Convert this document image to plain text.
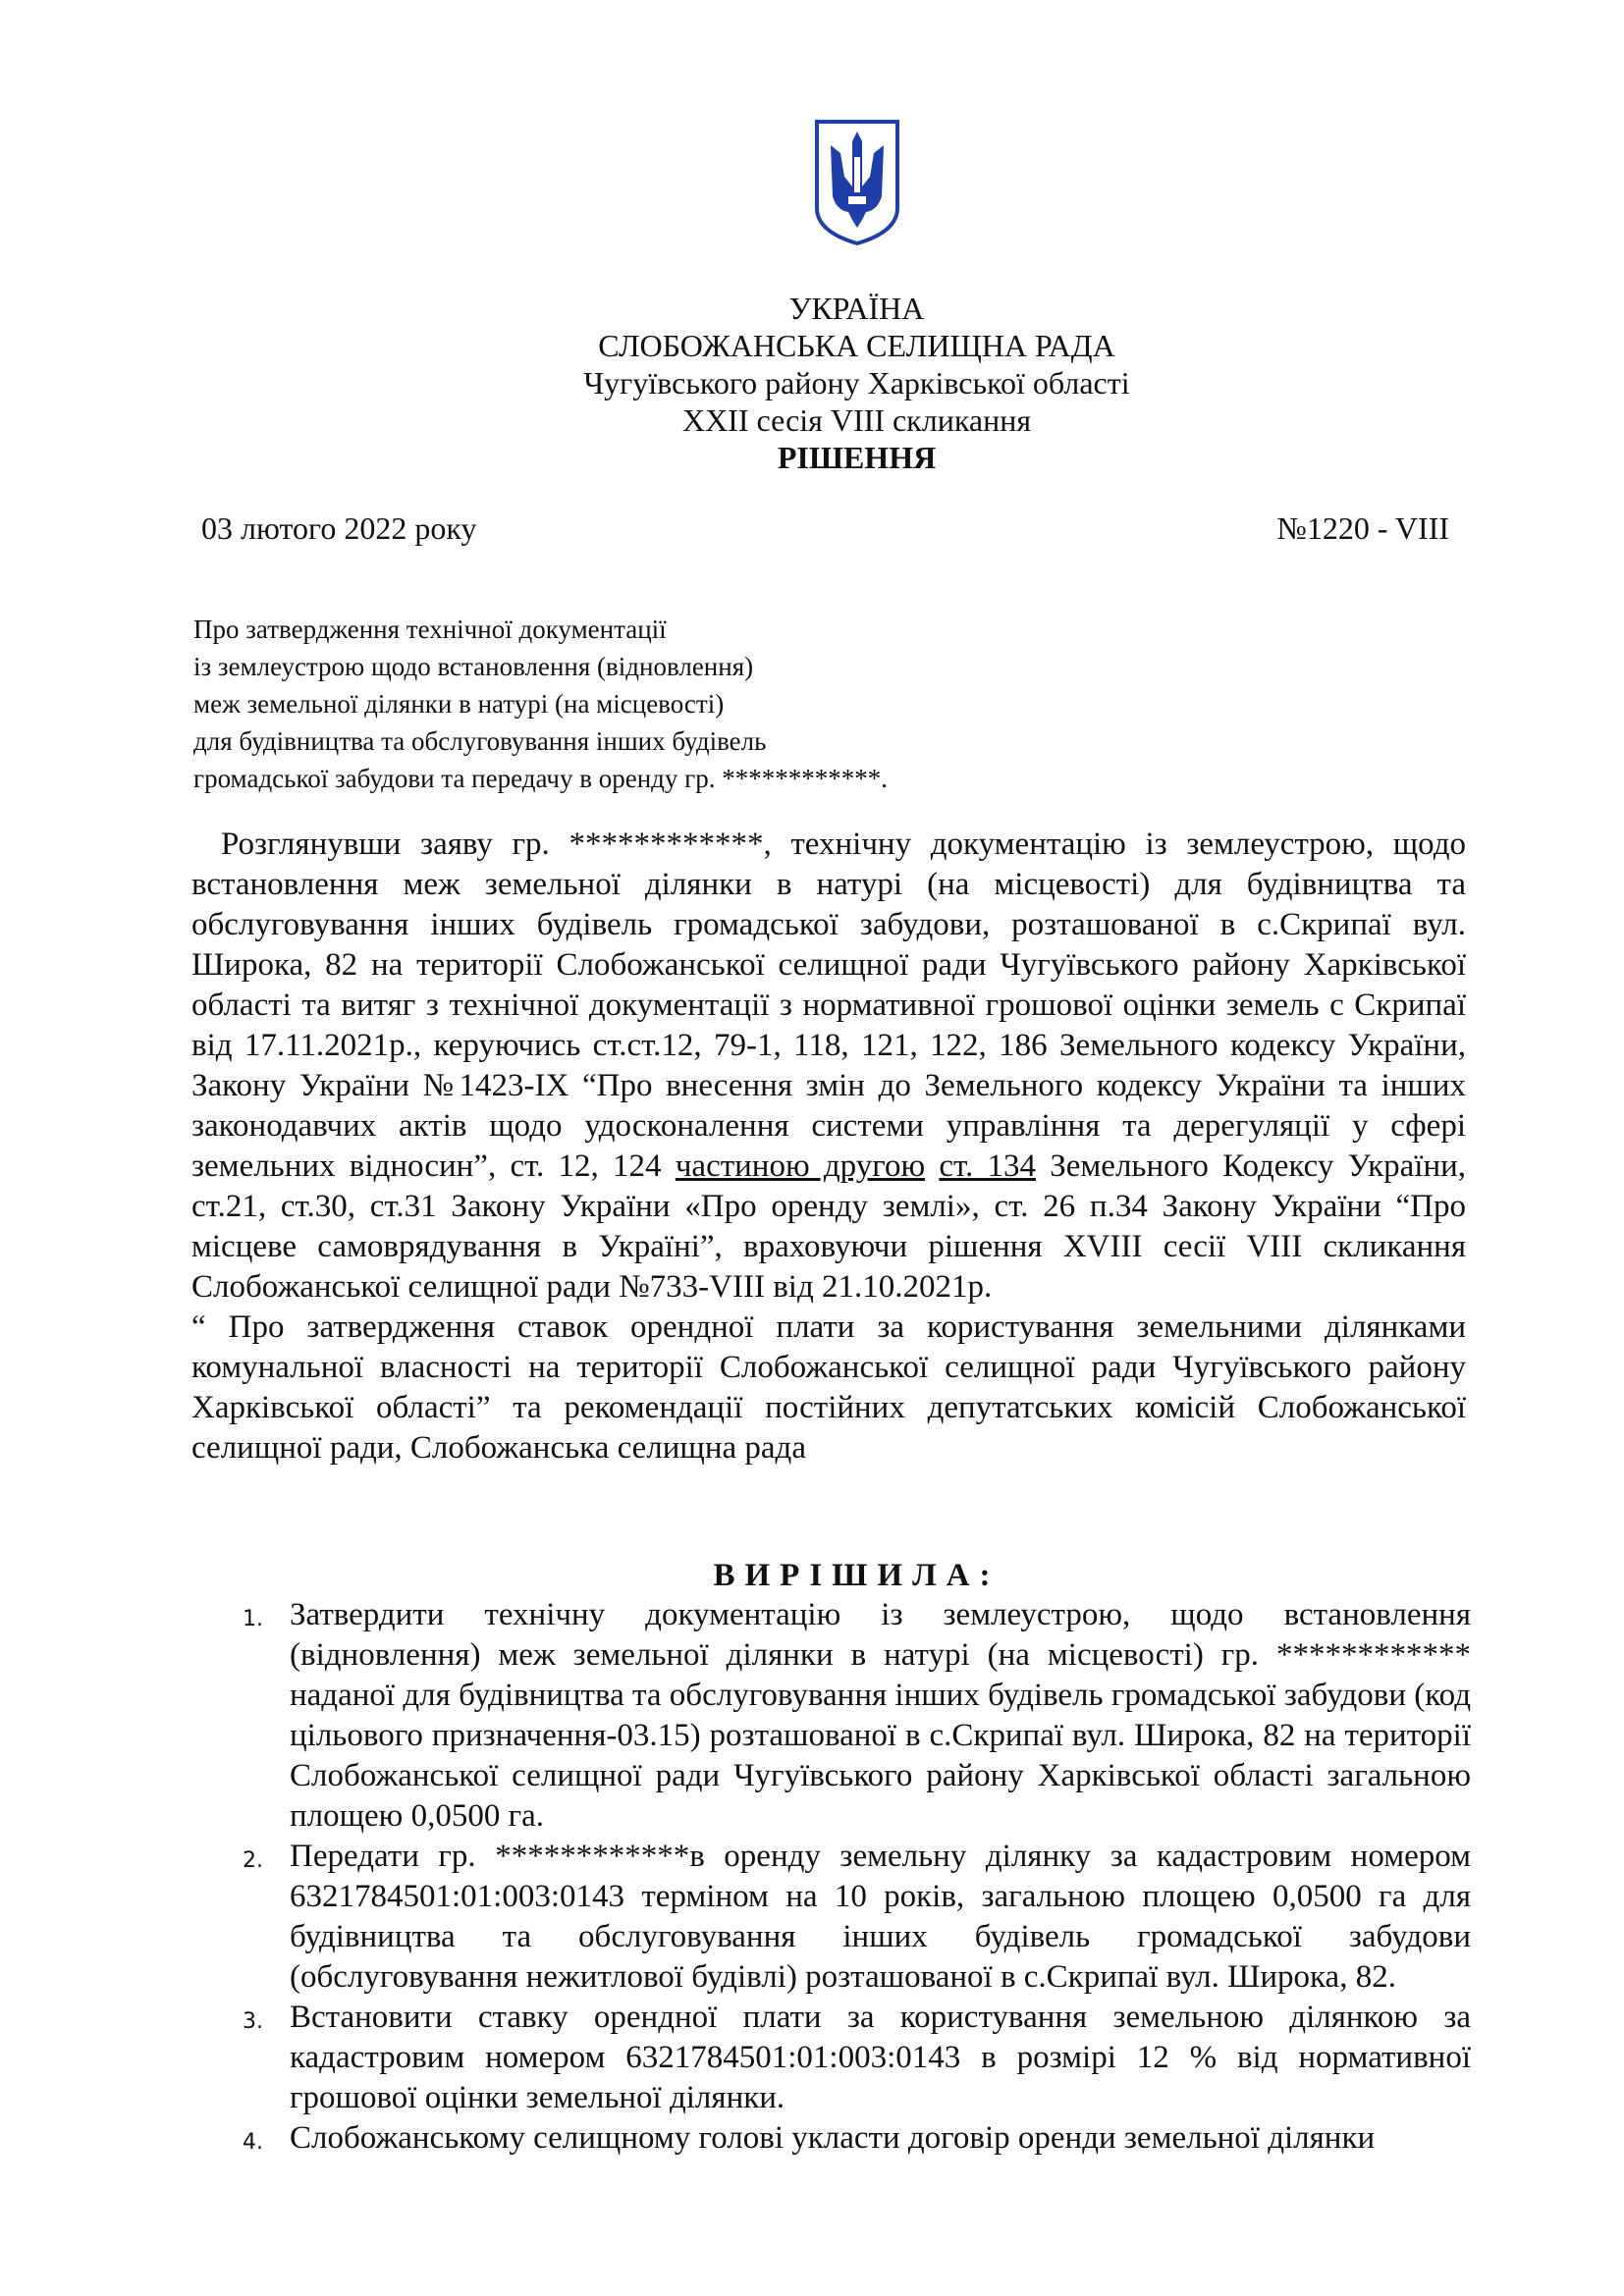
УКРАЇНА
СЛОБОЖАНСЬКА СЕЛИЩНА РАДА
Чугуївського району Харківської області
XXII сесія VIII скликання
РІШЕННЯ
03 лютого 2022 року	№1220 - VIII
Про затвердження технічної документації
із землеустрою щодо встановлення (відновлення)
меж земельної ділянки в натурі (на місцевості)
для будівництва та обслуговування інших будівель
громадської забудови та передачу в оренду гр. ************.

Розглянувши заяву гр. ************, технічну документацію із землеустрою, щодо встановлення меж земельної ділянки в натурі (на місцевості) для будівництва та обслуговування інших будівель громадської забудови, розташованої в с.Скрипаї вул. Широка, 82 на території Слобожанської селищної ради Чугуївського району Харківської області та витяг з технічної документації з нормативної грошової оцінки земель с Скрипаї від 17.11.2021р., керуючись ст.ст.12, 79-1, 118, 121, 122, 186 Земельного кодексу України, Закону України №1423-IX “Про внесення змін до Земельного кодексу України та інших законодавчих актів щодо удосконалення системи управління та дерегуляції у сфері земельних відносин”, ст. 12, 124 частиною другою ст. 134 Земельного Кодексу України, ст.21, ст.30, ст.31 Закону України «Про оренду землі», ст. 26 п.34 Закону України “Про місцеве самоврядування в Україні”, враховуючи рішення XVIII сесії VIII скликання Слобожанської селищної ради №733-VIII від 21.10.2021р.

“ Про затвердження ставок орендної плати за користування земельними ділянками комунальної власності на території Слобожанської селищної ради Чугуївського району Харківської області” та рекомендації постійних депутатських комісій Слобожанської селищної ради, Слобожанська селищна рада

ВИРІШИЛА:
1. Затвердити технічну документацію із землеустрою, щодо встановлення (відновлення) меж земельної ділянки в натурі (на місцевості) гр. ************ наданої для будівництва та обслуговування інших будівель громадської забудови (код цільового призначення-03.15) розташованої в с.Скрипаї вул. Широка, 82 на території Слобожанської селищної ради Чугуївського району Харківської області загальною площею 0,0500 га.
2. Передати гр. ************в оренду земельну ділянку за кадастровим номером 6321784501:01:003:0143 терміном на 10 років, загальною площею 0,0500 га для будівництва та обслуговування інших будівель громадської забудови (обслуговування нежитлової будівлі) розташованої в с.Скрипаї вул. Широка, 82.
3. Встановити ставку орендної плати за користування земельною ділянкою за кадастровим номером 6321784501:01:003:0143 в розмірі 12 % від нормативної грошової оцінки земельної ділянки.
4. Слобожанському селищному голові укласти договір оренди земельної ділянки
